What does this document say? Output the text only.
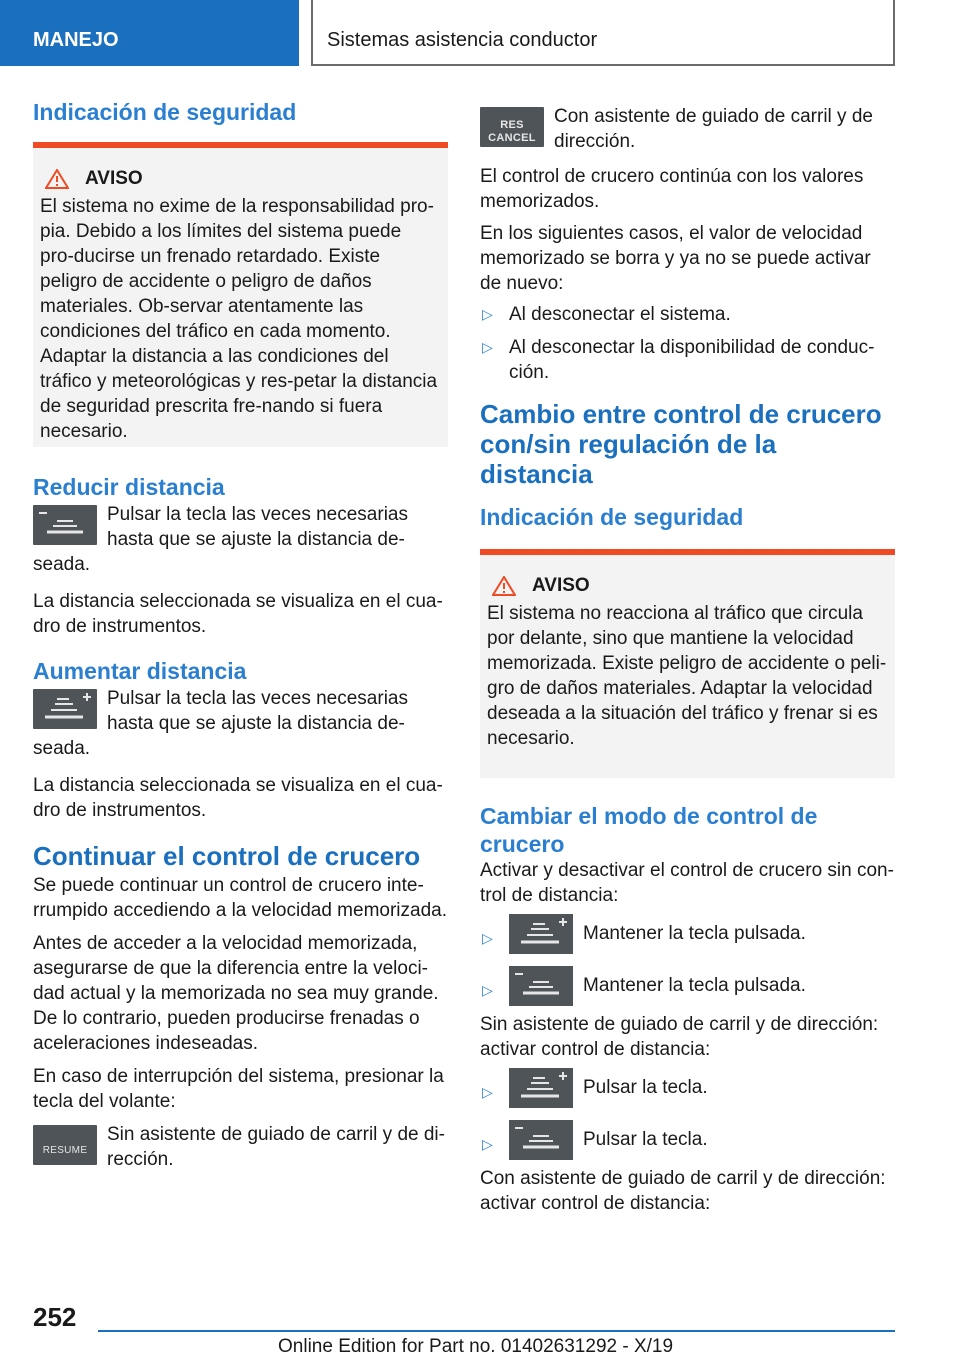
MANEJO	Sistemas asistencia conductor
Indicación de seguridad
AVISO

El sistema no exime de la responsabilidad pro-pia. Debido a los límites del sistema puede pro-ducirse un frenado retardado. Existe peligro de accidente o peligro de daños materiales. Ob-servar atentamente las condiciones del tráfico en cada momento. Adaptar la distancia a las condiciones del tráfico y meteorológicas y res-petar la distancia de seguridad prescrita fre-nando si fuera necesario.

Reducir distancia
Pulsar la tecla las veces necesarias hasta que se ajuste la distancia de-seada.

La distancia seleccionada se visualiza en el cua-dro de instrumentos.

Aumentar distancia
Pulsar la tecla las veces necesarias hasta que se ajuste la distancia de-seada.

La distancia seleccionada se visualiza en el cua-dro de instrumentos.

Continuar el control de crucero

Se puede continuar un control de crucero inte-rrumpido accediendo a la velocidad memorizada.

Antes de acceder a la velocidad memorizada, asegurarse de que la diferencia entre la veloci-dad actual y la memorizada no sea muy grande. De lo contrario, pueden producirse frenadas o aceleraciones indeseadas.

En caso de interrupción del sistema, presionar la tecla del volante:

RESUME
Sin asistente de guiado de carril y de di-rección.
RES
CANCEL
Con asistente de guiado de carril y de dirección.

El control de crucero continúa con los valores memorizados.

En los siguientes casos, el valor de velocidad memorizado se borra y ya no se puede activar de nuevo:

▷ Al desconectar el sistema.
▷ Al desconectar la disponibilidad de conduc-ción.
Cambio entre control de crucero con/sin regulación de la distancia
Indicación de seguridad
AVISO

El sistema no reacciona al tráfico que circula por delante, sino que mantiene la velocidad memorizada. Existe peligro de accidente o peli-gro de daños materiales. Adaptar la velocidad deseada a la situación del tráfico y frenar si es necesario.

Cambiar el modo de control de crucero

Activar y desactivar el control de crucero sin con-trol de distancia:

▷	Mantener la tecla pulsada.
▷	Mantener la tecla pulsada.

Sin asistente de guiado de carril y de dirección: activar control de distancia:

▷	Pulsar la tecla.
▷	Pulsar la tecla.

Con asistente de guiado de carril y de dirección: activar control de distancia:

252
Online Edition for Part no. 01402631292 - X/19
